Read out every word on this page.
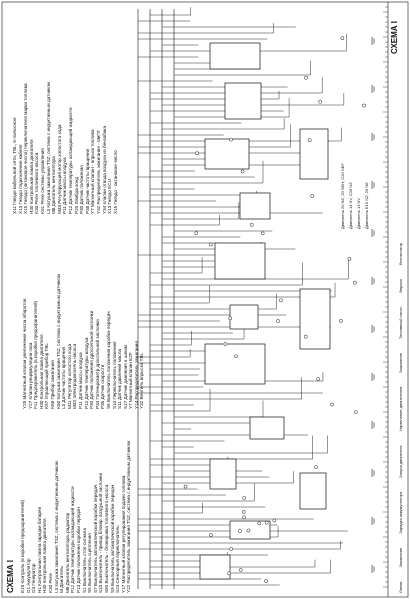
СХЕМА I
СХЕМА I
E19 Контроль (в коробке предохранителей) G1 Аккумулятор G3 Генератор H1 Контрольная лампа зарядки батареи H30 Контрольная лампа двигателя K30 Реле L3 Катушка зажигания TSZ, система с индуктивным датчиком M Двигатель M6 Двигатель вентилятора, радиатор P12 Датчик температуры охлаждающей жидкости P13 Датчик положения коробки передач S1 Выключатель стоп-сигнала S5 Выключатель сцепления S7 Выключатель автоматической коробки передач S10 Выключатель - привод блокир. воздушной заслонки S50 Выключатель - блокировка топливного насоса S9 Выключатель автоматической коробки передач S24 Сенсорный переключатель Y17 Магнитный клапан регулирования подачи топлива Y22 Распределитель зажигания TSZ, система с индуктивным датчиком
Y25 Магнитный клапан увеличения числа оборотов Y27 Клапан рециркуляции газа F11 Предохранитель (в коробке предохранителей) H30 Контрольная лампа двигателя K57 Управляющий прибор TBL K68 Прибор зажигания K60 Катушка зажигания TSZ, система с индуктивным датчиком L3 Датчик частоты вращения M11 Регулятор холостого хода M33 Электродвигатель насоса P11 Датчик массы воздуха P12 Датчик температуры воздуха P30 Датчик положения дроссельной заслонки P34 Потенциометр дроссельной заслонки P35 Датчик скорости S6 Выключатель положения коробки передач S10 Переключатель положения S11 Датчик давления масла S17 Датчик давления в шинах Y7 Магнитный клапан EZF Y14 Распределитель зажигания Y32 Вентиль впрыска TBL
X11 Гнездо кабельной сети, TBL, 5-полюсное X13 Гнездо подключения кабеля X15 Гнездо (октановое число) переключателя марки топлива H30 Контрольная лампа двигателя K30 Реле топливного насоса K51 Реле системы управления L3 Катушка зажигания TSZ, система с индуктивным датчиком M8 Двигатель вентилятора M33 Регулирующий мотор холостого хода P11 Датчик массы воздуха P12 Датчик температуры охлаждающей жидкости P20 Лямбда-зонд P30 Датчик положения P35 Датчик частоты вращения Y7 Магнитный клапан - впрыск топлива Y32 Распределитель зажигания - МиПГ Y34 Клапан отвода воздуха из бензобака X13 Гнездо ECU X15 Гнездо - октановое число	Двигатель 20 NE, 20 SEH, C20 NEF Двигатель 14 NV, C16 NZ Двигатель 13 NV Двигатель E16 NZ, 20 NE
ЛинияЗажиганиеЗарядка аккумулятораЗапуск двигателяУправление двигателемЗажиганиеТопливный насосВпрыскВентилятор
